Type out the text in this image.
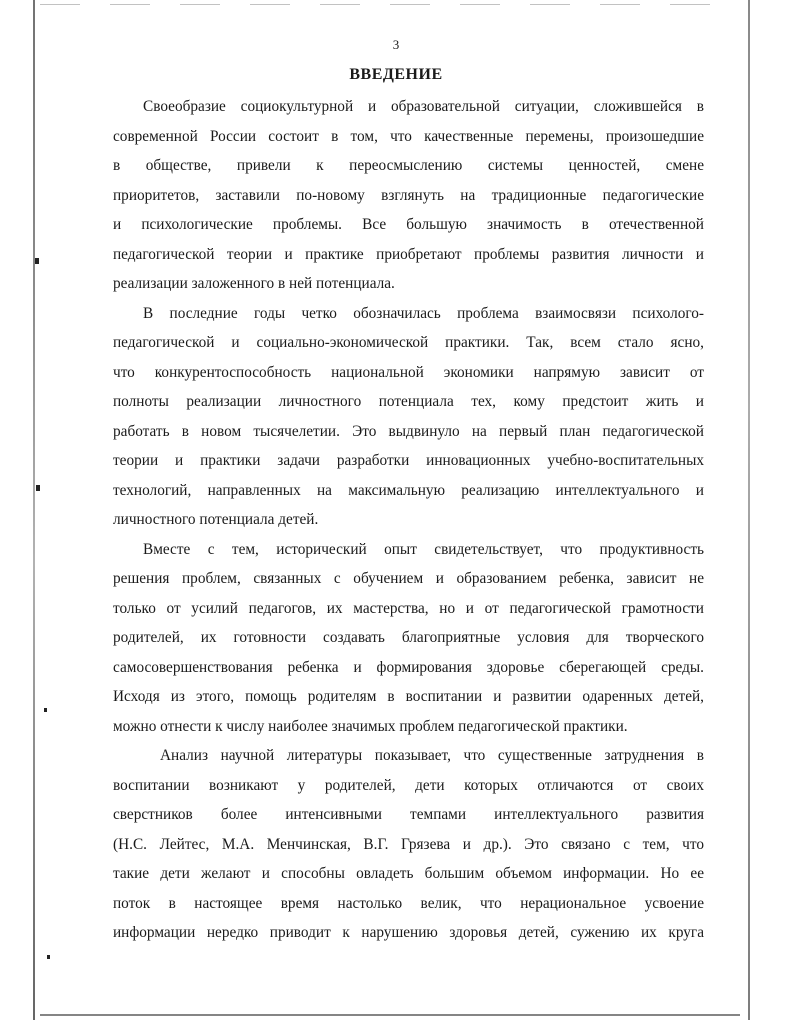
3
ВВЕДЕНИЕ
Своеобразие социокультурной и образовательной ситуации, сложившейся в
современной России состоит в том, что качественные перемены, произошедшие
в обществе, привели к переосмыслению системы ценностей, смене
приоритетов, заставили по-новому взглянуть на традиционные педагогические
и психологические проблемы. Все большую значимость в отечественной
педагогической теории и практике приобретают проблемы развития личности и
реализации заложенного в ней потенциала.
В последние годы четко обозначилась проблема взаимосвязи психолого-
педагогической и социально-экономической практики. Так, всем стало ясно,
что конкурентоспособность национальной экономики напрямую зависит от
полноты реализации личностного потенциала тех, кому предстоит жить и
работать в новом тысячелетии. Это выдвинуло на первый план педагогической
теории и практики задачи разработки инновационных учебно-воспитательных
технологий, направленных на максимальную реализацию интеллектуального и
личностного потенциала детей.
Вместе с тем, исторический опыт свидетельствует, что продуктивность
решения проблем, связанных с обучением и образованием ребенка, зависит не
только от усилий педагогов, их мастерства, но и от педагогической грамотности
родителей, их готовности создавать благоприятные условия для творческого
самосовершенствования ребенка и формирования здоровье сберегающей среды.
Исходя из этого, помощь родителям в воспитании и развитии одаренных детей,
можно отнести к числу наиболее значимых проблем педагогической практики.
Анализ научной литературы показывает, что существенные затруднения в
воспитании возникают у родителей, дети которых отличаются от своих
сверстников более интенсивными темпами интеллектуального развития
(Н.С. Лейтес, М.А. Менчинская, В.Г. Грязева и др.). Это связано с тем, что
такие дети желают и способны овладеть большим объемом информации. Но ее
поток в настоящее время настолько велик, что нерациональное усвоение
информации нередко приводит к нарушению здоровья детей, сужению их круга
